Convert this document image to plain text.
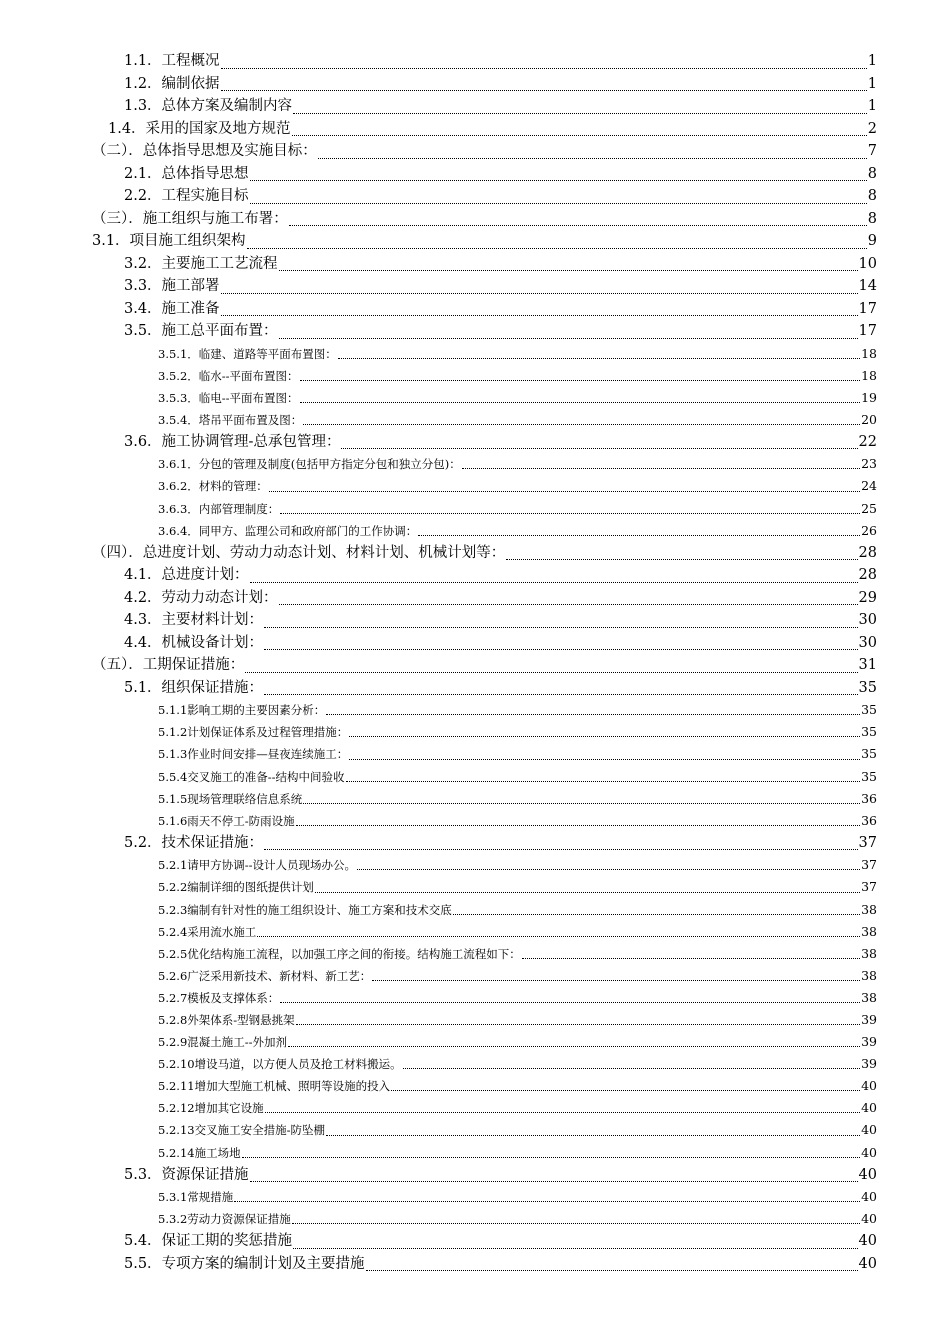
1.1．工程概况	1
1.2．编制依据	1
1.3．总体方案及编制内容	1
1.4．采用的国家及地方规范	2
（二）．总体指导思想及实施目标：	7
2.1．总体指导思想	8
2.2．工程实施目标	8
（三）．施工组织与施工布署：	8
3.1．项目施工组织架构	9
3.2．主要施工工艺流程	10
3.3．施工部署	14
3.4．施工准备	17
3.5．施工总平面布置：	17
3.5.1．临建、道路等平面布置图：	18
3.5.2．临水--平面布置图：	18
3.5.3．临电--平面布置图：	19
3.5.4．塔吊平面布置及图：	20
3.6．施工协调管理-总承包管理：	22
3.6.1．分包的管理及制度(包括甲方指定分包和独立分包)：	23
3.6.2．材料的管理：	24
3.6.3．内部管理制度：	25
3.6.4．同甲方、监理公司和政府部门的工作协调：	26
（四）．总进度计划、劳动力动态计划、材料计划、机械计划等：	28
4.1．总进度计划：	28
4.2．劳动力动态计划：	29
4.3．主要材料计划：	30
4.4．机械设备计划：	30
（五）．工期保证措施：	31
5.1．组织保证措施：	35
5.1.1影响工期的主要因素分析：	35
5.1.2计划保证体系及过程管理措施：	35
5.1.3作业时间安排—昼夜连续施工：	35
5.5.4交叉施工的准备--结构中间验收	35
5.1.5现场管理联络信息系统	36
5.1.6雨天不停工-防雨设施	36
5.2．技术保证措施：	37
5.2.1请甲方协调--设计人员现场办公。	37
5.2.2编制详细的图纸提供计划	37
5.2.3编制有针对性的施工组织设计、施工方案和技术交底	38
5.2.4采用流水施工	38
5.2.5优化结构施工流程，以加强工序之间的衔接。结构施工流程如下：	38
5.2.6广泛采用新技术、新材料、新工艺：	38
5.2.7模板及支撑体系：	38
5.2.8外架体系-型钢悬挑架	39
5.2.9混凝土施工--外加剂	39
5.2.10增设马道，以方便人员及抢工材料搬运。	39
5.2.11增加大型施工机械、照明等设施的投入	40
5.2.12增加其它设施	40
5.2.13交叉施工安全措施-防坠棚	40
5.2.14施工场地	40
5.3．资源保证措施	40
5.3.1常规措施	40
5.3.2劳动力资源保证措施	40
5.4．保证工期的奖惩措施	40
5.5．专项方案的编制计划及主要措施	40
